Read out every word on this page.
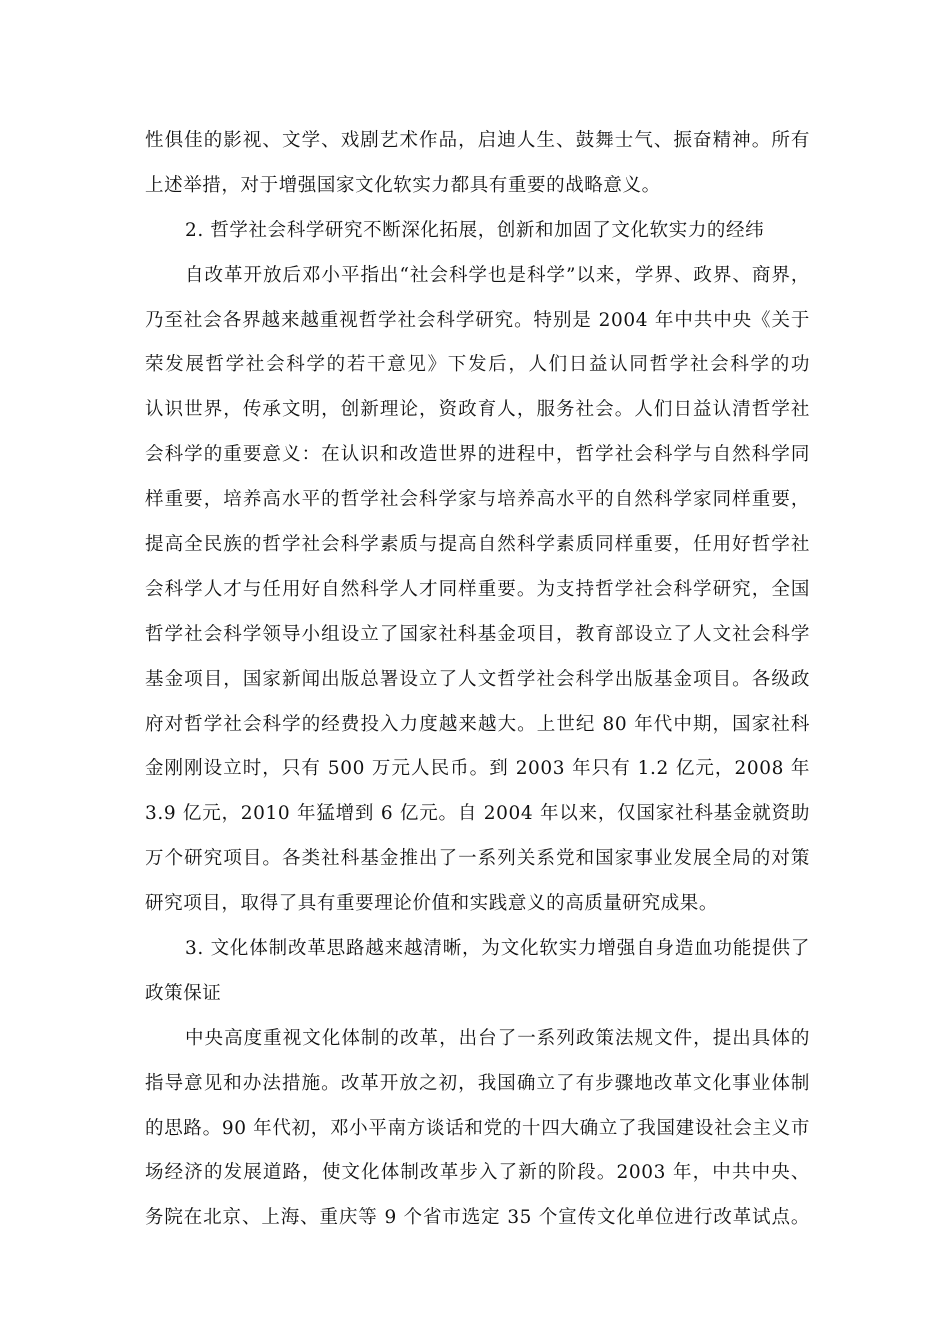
性俱佳的影视、文学、戏剧艺术作品，启迪人生、鼓舞士气、振奋精神。所有
上述举措，对于增强国家文化软实力都具有重要的战略意义。
2. 哲学社会科学研究不断深化拓展，创新和加固了文化软实力的经纬
自改革开放后邓小平指出“社会科学也是科学”以来，学界、政界、商界，
乃至社会各界越来越重视哲学社会科学研究。特别是 2004 年中共中央《关于
荣发展哲学社会科学的若干意见》下发后，人们日益认同哲学社会科学的功
认识世界，传承文明，创新理论，资政育人，服务社会。人们日益认清哲学社
会科学的重要意义：在认识和改造世界的进程中，哲学社会科学与自然科学同
样重要，培养高水平的哲学社会科学家与培养高水平的自然科学家同样重要，
提高全民族的哲学社会科学素质与提高自然科学素质同样重要，任用好哲学社
会科学人才与任用好自然科学人才同样重要。为支持哲学社会科学研究，全国
哲学社会科学领导小组设立了国家社科基金项目，教育部设立了人文社会科学
基金项目，国家新闻出版总署设立了人文哲学社会科学出版基金项目。各级政
府对哲学社会科学的经费投入力度越来越大。上世纪 80 年代中期，国家社科
金刚刚设立时，只有 500 万元人民币。到 2003 年只有 1.2 亿元，2008 年
3.9 亿元，2010 年猛增到 6 亿元。自 2004 年以来，仅国家社科基金就资助
万个研究项目。各类社科基金推出了一系列关系党和国家事业发展全局的对策
研究项目，取得了具有重要理论价值和实践意义的高质量研究成果。
3. 文化体制改革思路越来越清晰，为文化软实力增强自身造血功能提供了
政策保证
中央高度重视文化体制的改革，出台了一系列政策法规文件，提出具体的
指导意见和办法措施。改革开放之初，我国确立了有步骤地改革文化事业体制
的思路。90 年代初，邓小平南方谈话和党的十四大确立了我国建设社会主义市
场经济的发展道路，使文化体制改革步入了新的阶段。2003 年，中共中央、
务院在北京、上海、重庆等 9 个省市选定 35 个宣传文化单位进行改革试点。
